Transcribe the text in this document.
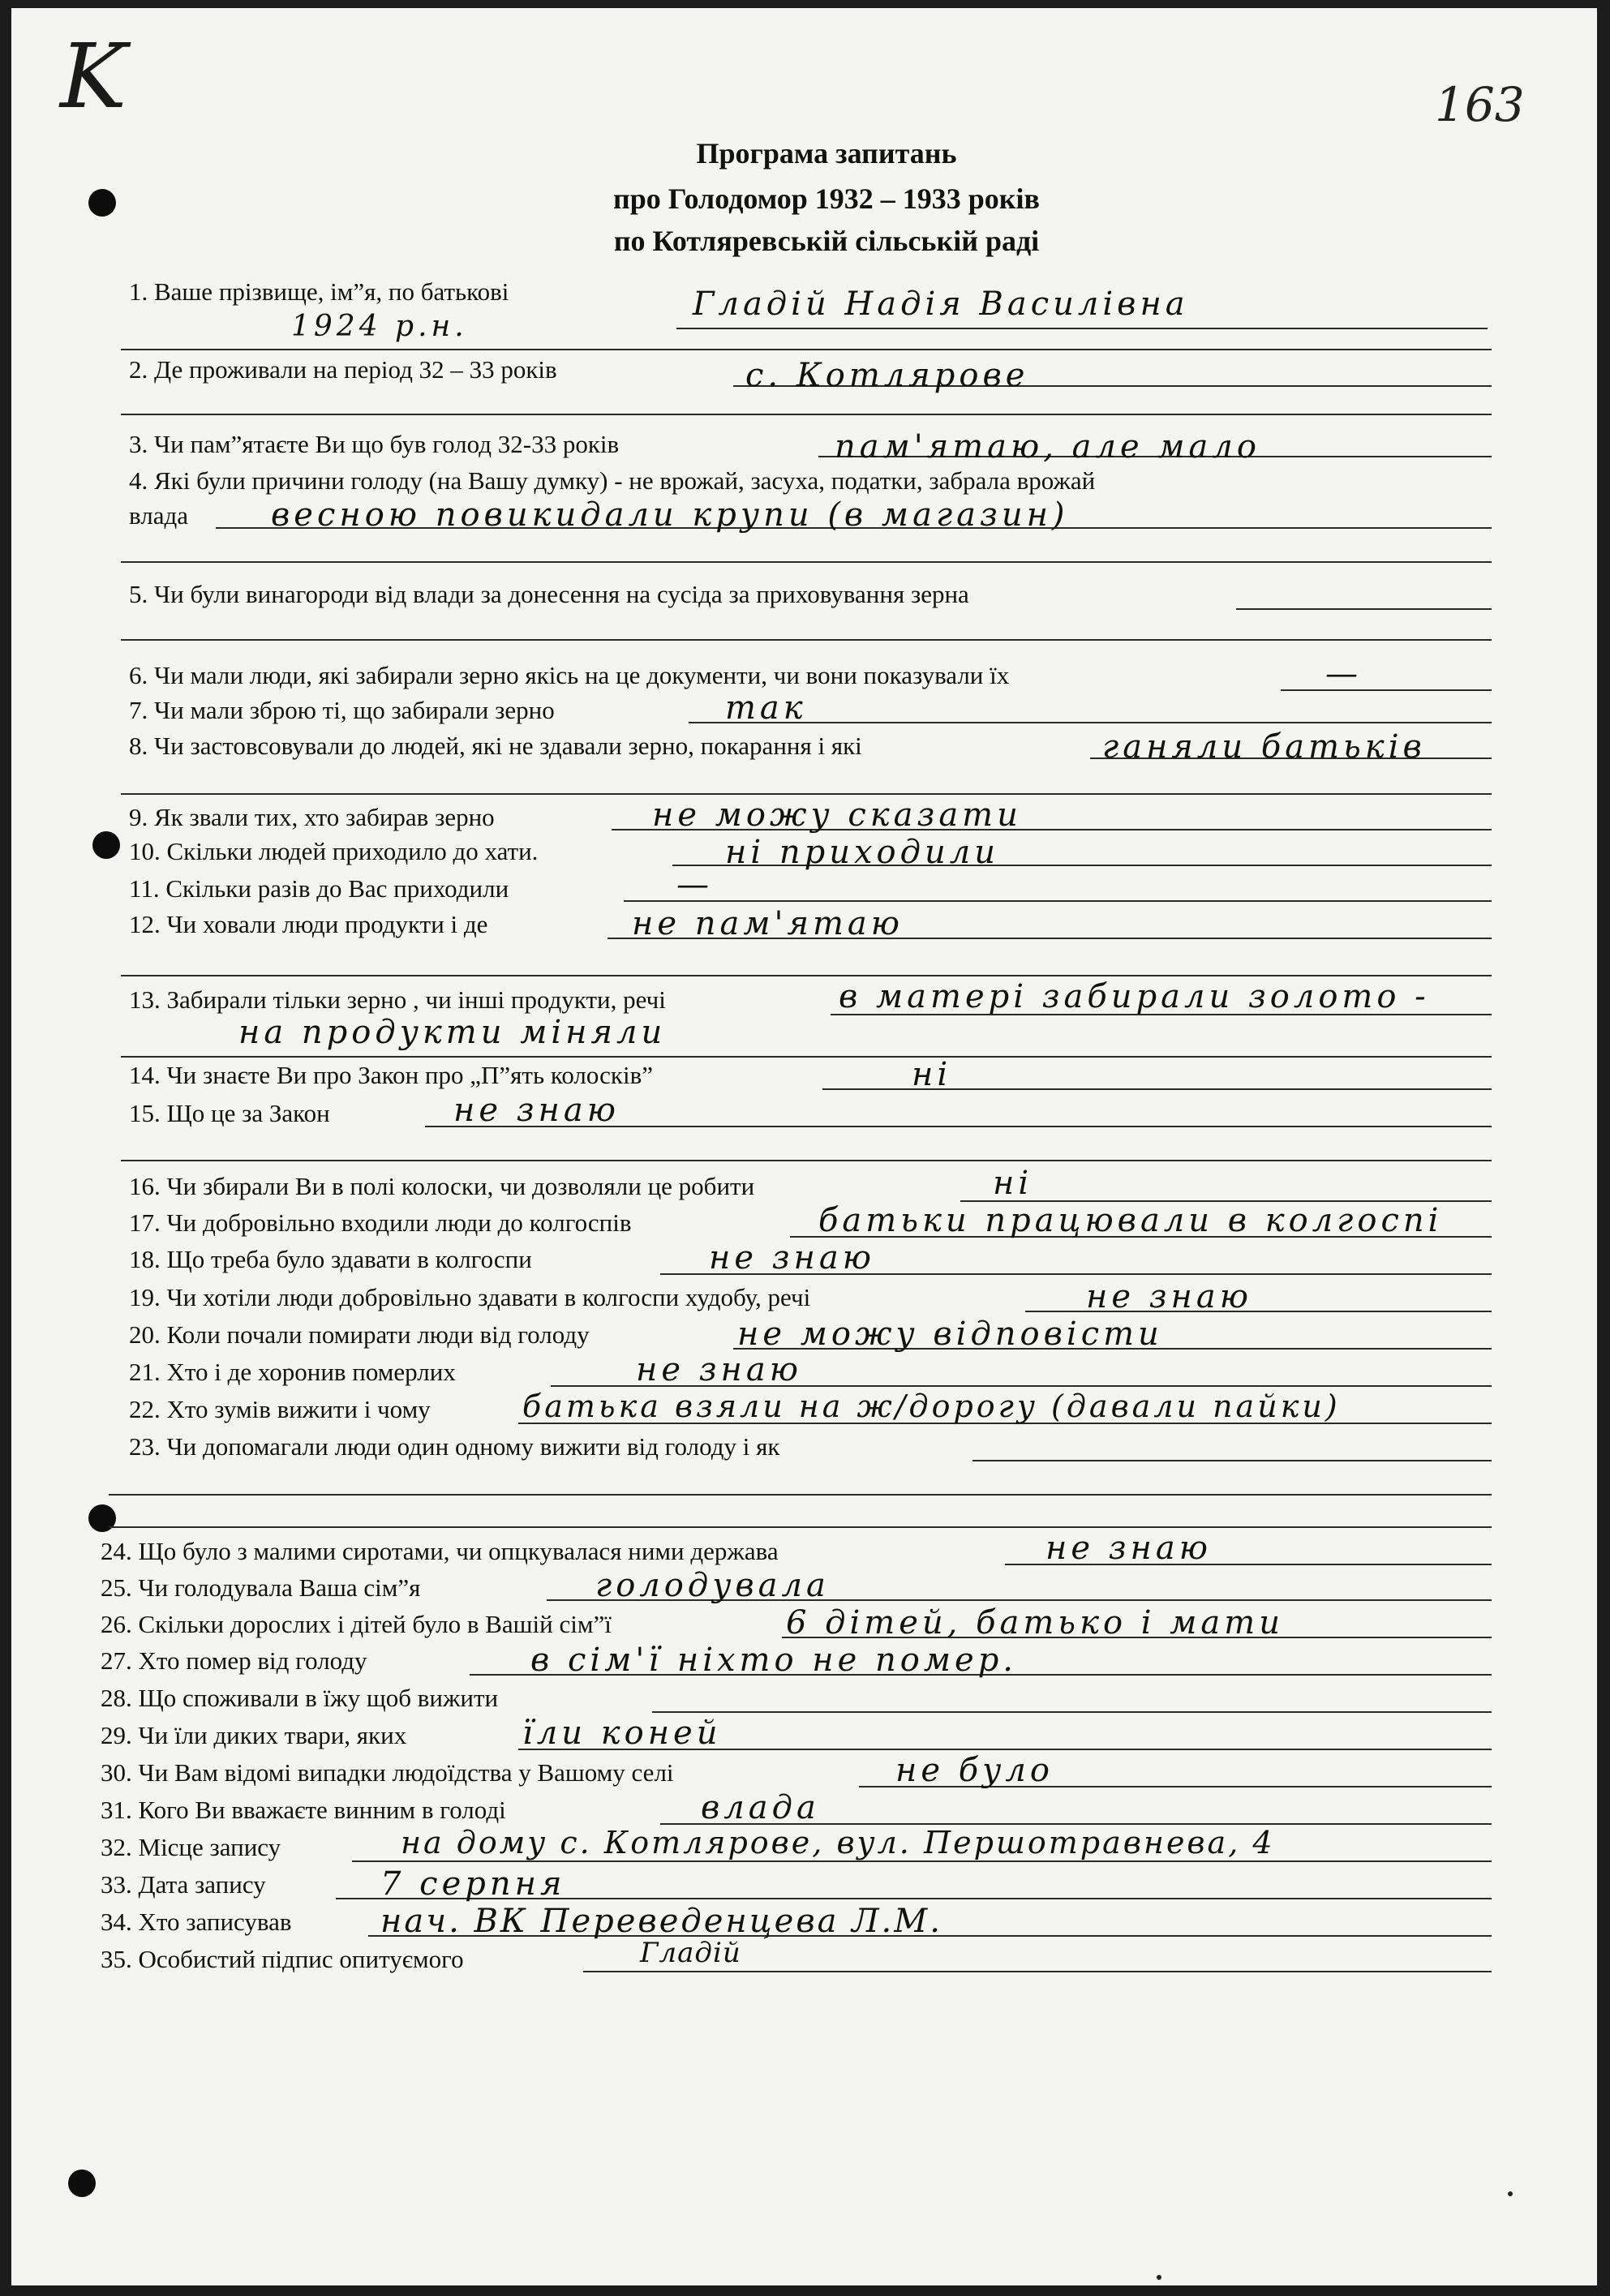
K	163
Програма запитань
про Голодомор 1932 – 1933 років
по Котляревській сільській раді
1. Ваше прізвище, ім”я, по батькові	Гладій Надія Василівна
1924 р.н.
2. Де проживали на період 32 – 33 років	с. Котлярове
3. Чи пам”ятаєте Ви що був голод 32-33 років	пам'ятаю, але мало
4. Які були причини голоду (на Вашу думку) - не врожай, засуха, податки, забрала врожай
влада	весною повикидали крупи (в магазин)
5. Чи були винагороди від влади за донесення на сусіда за приховування зерна
6. Чи мали люди, які забирали зерно якісь на це документи, чи вони показували їх	—
7. Чи мали зброю ті, що забирали зерно	так
8. Чи застовсовували до людей, які не здавали зерно, покарання і які	ганяли батьків
9. Як звали тих, хто забирав зерно	не можу сказати
10. Скільки людей приходило до хати.	ні приходили
11. Скільки разів до Вас приходили	—
12. Чи ховали люди продукти і де	не пам'ятаю
13. Забирали тільки зерно , чи інші продукти, речі	в матері забирали золото -
на продукти міняли
14. Чи знаєте Ви про Закон про „П”ять колосків”	ні
15. Що це за Закон	не знаю
16. Чи збирали Ви в полі колоски, чи дозволяли це робити	ні
17. Чи добровільно входили люди до колгоспів	батьки працювали в колгоспі
18. Що треба було здавати в колгоспи	не знаю
19. Чи хотіли люди добровільно здавати в колгоспи худобу, речі	не знаю
20. Коли почали помирати люди від голоду	не можу відповісти
21. Хто і де хоронив померлих	не знаю
22. Хто зумів вижити і чому	батька взяли на ж/дорогу (давали пайки)
23. Чи допомагали люди один одному вижити від голоду і як
24. Що було з малими сиротами, чи опцкувалася ними держава	не знаю
25. Чи голодувала Ваша сім”я	голодувала
26. Скільки дорослих і дітей було в Вашій сім”ї	6 дітей, батько і мати
27. Хто помер від голоду	в сім'ї ніхто не помер.
28. Що споживали в їжу щоб вижити
29. Чи їли диких твари, яких	їли коней
30. Чи Вам відомі випадки людоїдства у Вашому селі	не було
31. Кого Ви вважаєте винним в голоді	влада
32. Місце запису	на дому с. Котлярове, вул. Першотравнева, 4
33. Дата запису	7 серпня
34. Хто записував	нач. ВК Переведенцева Л.М.
35. Особистий підпис опитуємого	Гладій
